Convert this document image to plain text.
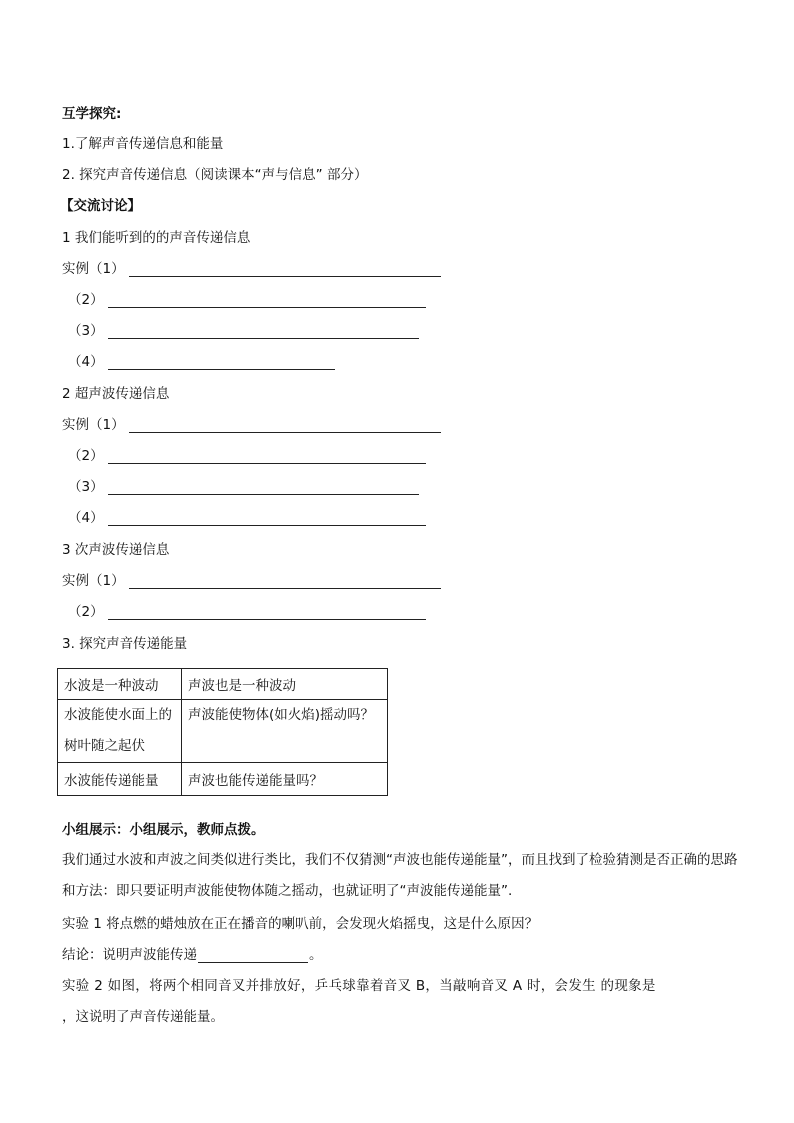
互学探究:
1.了解声音传递信息和能量
2. 探究声音传递信息（阅读课本“声与信息” 部分）
【交流讨论】
1 我们能听到的的声音传递信息
实例（1）
（2）
（3）
（4）
2 超声波传递信息
实例（1）
（2）
（3）
（4）
3 次声波传递信息
实例（1）
（2）
3. 探究声音传递能量
水波是一种波动	声波也是一种波动
水波能使水面上的树叶随之起伏	声波能使物体(如火焰)摇动吗？
水波能传递能量	声波也能传递能量吗？
小组展示：小组展示，教师点拨。
我们通过水波和声波之间类似进行类比，我们不仅猜测“声波也能传递能量”，而且找到了检验猜测是否正确的思路和方法：即只要证明声波能使物体随之摇动，也就证明了“声波能传递能量”.
实验 1 将点燃的蜡烛放在正在播音的喇叭前，会发现火焰摇曳，这是什么原因？
结论：说明声波能传递	。
实验 2 如图，将两个相同音叉并排放好，乒乓球靠着音叉 B，当敲响音叉 A 时，会发生 的现象是
，这说明了声音传递能量。
